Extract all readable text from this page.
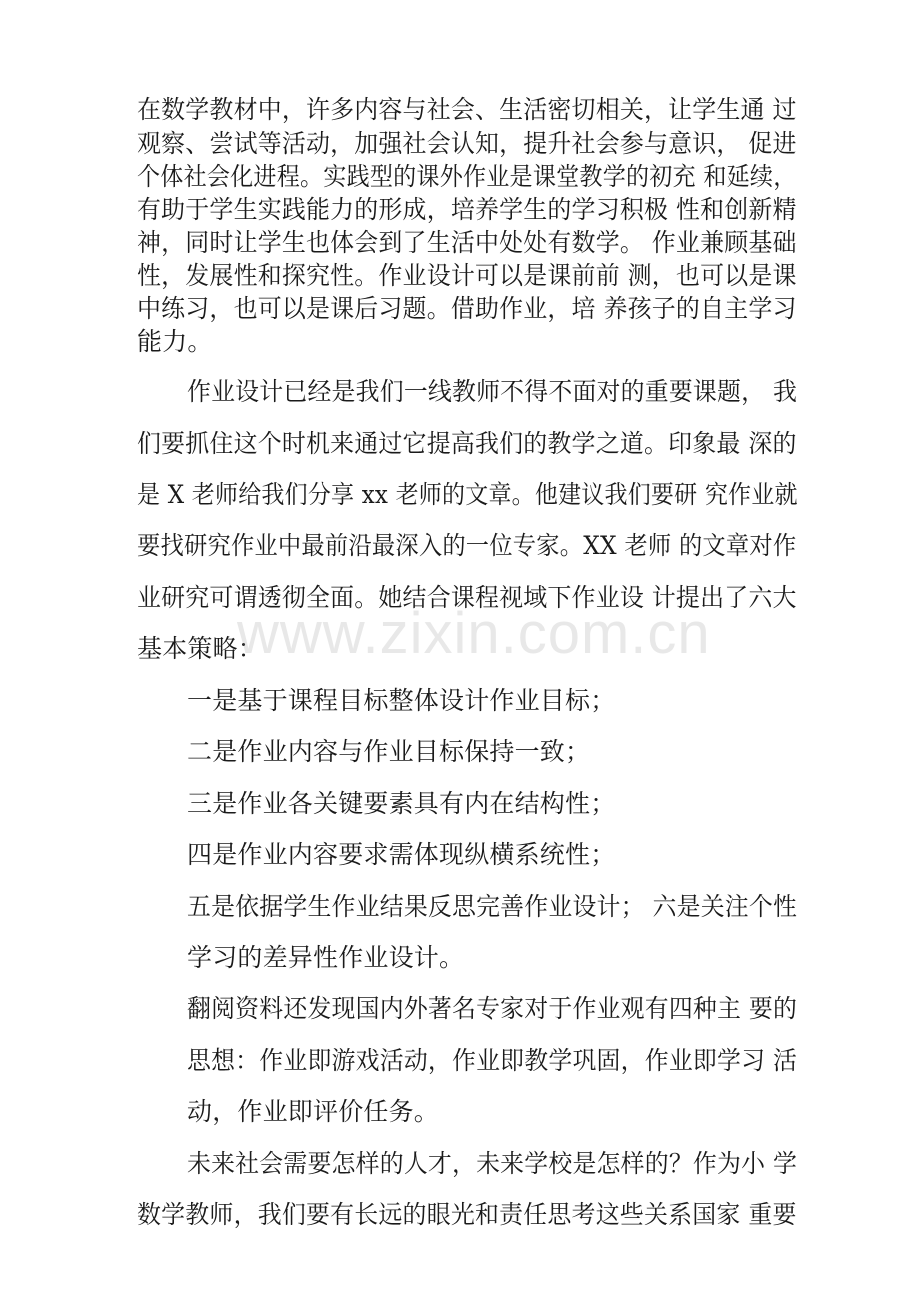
在数学教材中，许多内容与社会、生活密切相关，让学生通 过
观察、尝试等活动，加强社会认知，提升社会参与意识， 促进
个体社会化进程。实践型的课外作业是课堂教学的初充 和延续，
有助于学生实践能力的形成，培养学生的学习积极 性和创新精
神，同时让学生也体会到了生活中处处有数学。 作业兼顾基础
性，发展性和探究性。作业设计可以是课前前 测，也可以是课
中练习，也可以是课后习题。借助作业，培 养孩子的自主学习
能力。
作业设计已经是我们一线教师不得不面对的重要课题， 我
们要抓住这个时机来通过它提高我们的教学之道。印象最 深的
是 X 老师给我们分享 xx 老师的文章。他建议我们要研 究作业就
要找研究作业中最前沿最深入的一位专家。XX 老师 的文章对作
业研究可谓透彻全面。她结合课程视域下作业设 计提出了六大
基本策略：
一是基于课程目标整体设计作业目标；
二是作业内容与作业目标保持一致；
三是作业各关键要素具有内在结构性；
四是作业内容要求需体现纵横系统性；
五是依据学生作业结果反思完善作业设计； 六是关注个性
学习的差异性作业设计。
翻阅资料还发现国内外著名专家对于作业观有四种主 要的
思想：作业即游戏活动，作业即教学巩固，作业即学习 活
动，作业即评价任务。
未来社会需要怎样的人才，未来学校是怎样的？作为小 学
数学教师，我们要有长远的眼光和责任思考这些关系国家 重要
www.zixin.com.cn
